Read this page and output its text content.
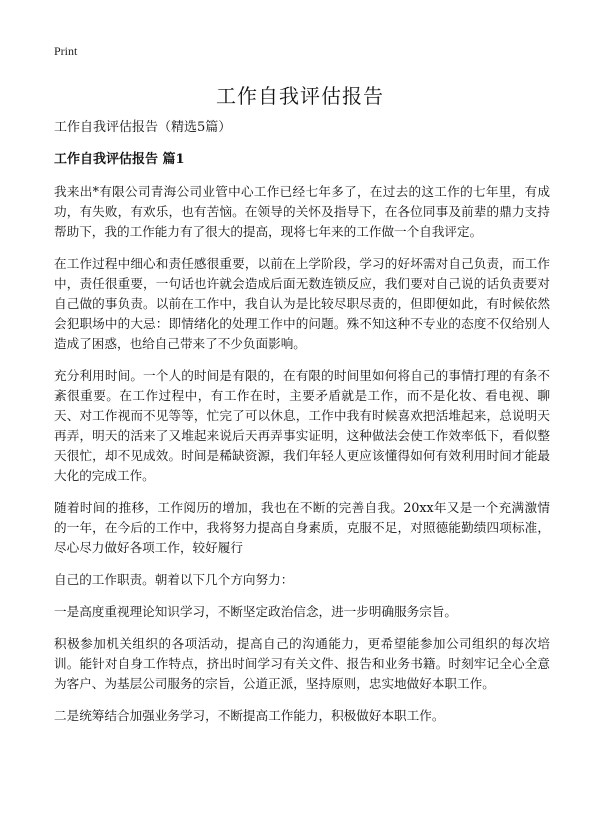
Print
工作自我评估报告

工作自我评估报告（精选5篇）

工作自我评估报告 篇1

我来出*有限公司青海公司业管中心工作已经七年多了，在过去的这工作的七年里，有成功，有失败，有欢乐，也有苦恼。在领导的关怀及指导下，在各位同事及前辈的鼎力支持帮助下，我的工作能力有了很大的提高，现将七年来的工作做一个自我评定。

在工作过程中细心和责任感很重要，以前在上学阶段，学习的好坏需对自己负责，而工作中，责任很重要，一句话也许就会造成后面无数连锁反应，我们要对自己说的话负责要对自己做的事负责。以前在工作中，我自认为是比较尽职尽责的，但即便如此，有时候依然会犯职场中的大忌：即情绪化的处理工作中的问题。殊不知这种不专业的态度不仅给别人造成了困惑，也给自己带来了不少负面影响。

充分利用时间。一个人的时间是有限的，在有限的时间里如何将自己的事情打理的有条不紊很重要。在工作过程中，有工作在时，主要矛盾就是工作，而不是化妆、看电视、聊天、对工作视而不见等等，忙完了可以休息，工作中我有时候喜欢把活堆起来，总说明天再弄，明天的活来了又堆起来说后天再弄事实证明，这种做法会使工作效率低下，看似整天很忙，却不见成效。时间是稀缺资源，我们年轻人更应该懂得如何有效利用时间才能最大化的完成工作。

随着时间的推移，工作阅历的增加，我也在不断的完善自我。20xx年又是一个充满激情的一年，在今后的工作中，我将努力提高自身素质，克服不足，对照德能勤绩四项标准，尽心尽力做好各项工作，较好履行

自己的工作职责。朝着以下几个方向努力：

一是高度重视理论知识学习，不断坚定政治信念，进一步明确服务宗旨。

积极参加机关组织的各项活动，提高自己的沟通能力，更希望能参加公司组织的每次培训。能针对自身工作特点，挤出时间学习有关文件、报告和业务书籍。时刻牢记全心全意为客户、为基层公司服务的宗旨，公道正派，坚持原则，忠实地做好本职工作。

二是统筹结合加强业务学习，不断提高工作能力，积极做好本职工作。
